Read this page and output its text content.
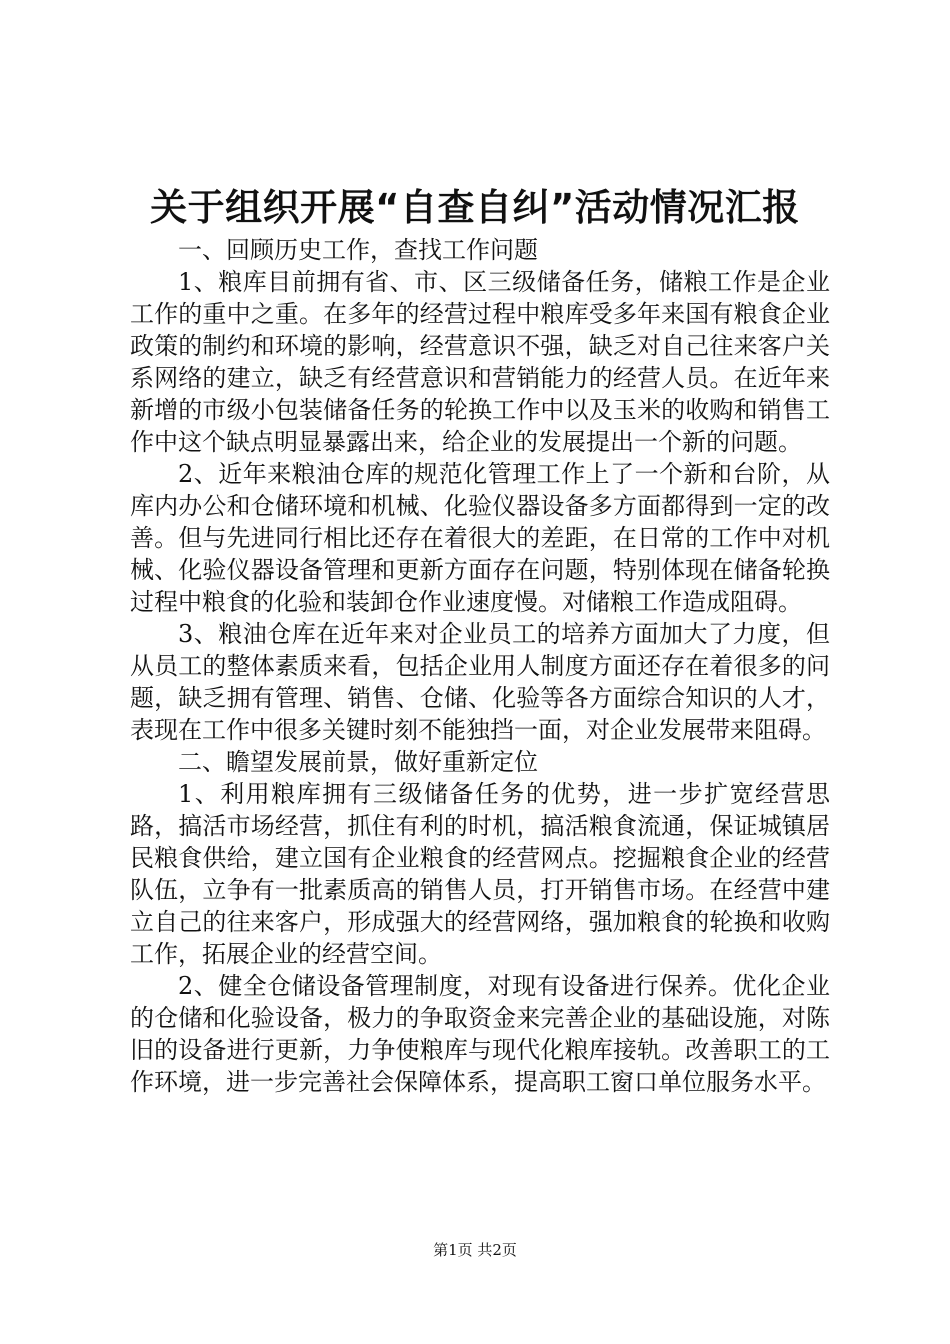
关于组织开展“自查自纠”活动情况汇报

一、回顾历史工作，查找工作问题

1、粮库目前拥有省、市、区三级储备任务，储粮工作是企业工作的重中之重。在多年的经营过程中粮库受多年来国有粮食企业政策的制约和环境的影响，经营意识不强，缺乏对自己往来客户关系网络的建立，缺乏有经营意识和营销能力的经营人员。在近年来新增的市级小包装储备任务的轮换工作中以及玉米的收购和销售工作中这个缺点明显暴露出来，给企业的发展提出一个新的问题。

2、近年来粮油仓库的规范化管理工作上了一个新和台阶，从库内办公和仓储环境和机械、化验仪器设备多方面都得到一定的改善。但与先进同行相比还存在着很大的差距，在日常的工作中对机械、化验仪器设备管理和更新方面存在问题，特别体现在储备轮换过程中粮食的化验和装卸仓作业速度慢。对储粮工作造成阻碍。

3、粮油仓库在近年来对企业员工的培养方面加大了力度，但从员工的整体素质来看，包括企业用人制度方面还存在着很多的问题，缺乏拥有管理、销售、仓储、化验等各方面综合知识的人才，表现在工作中很多关键时刻不能独挡一面，对企业发展带来阻碍。

二、瞻望发展前景，做好重新定位

1、利用粮库拥有三级储备任务的优势，进一步扩宽经营思路，搞活市场经营，抓住有利的时机，搞活粮食流通，保证城镇居民粮食供给，建立国有企业粮食的经营网点。挖掘粮食企业的经营队伍，立争有一批素质高的销售人员，打开销售市场。在经营中建立自己的往来客户，形成强大的经营网络，强加粮食的轮换和收购工作，拓展企业的经营空间。

2、健全仓储设备管理制度，对现有设备进行保养。优化企业的仓储和化验设备，极力的争取资金来完善企业的基础设施，对陈旧的设备进行更新，力争使粮库与现代化粮库接轨。改善职工的工作环境，进一步完善社会保障体系，提高职工窗口单位服务水平。

第1页 共2页
